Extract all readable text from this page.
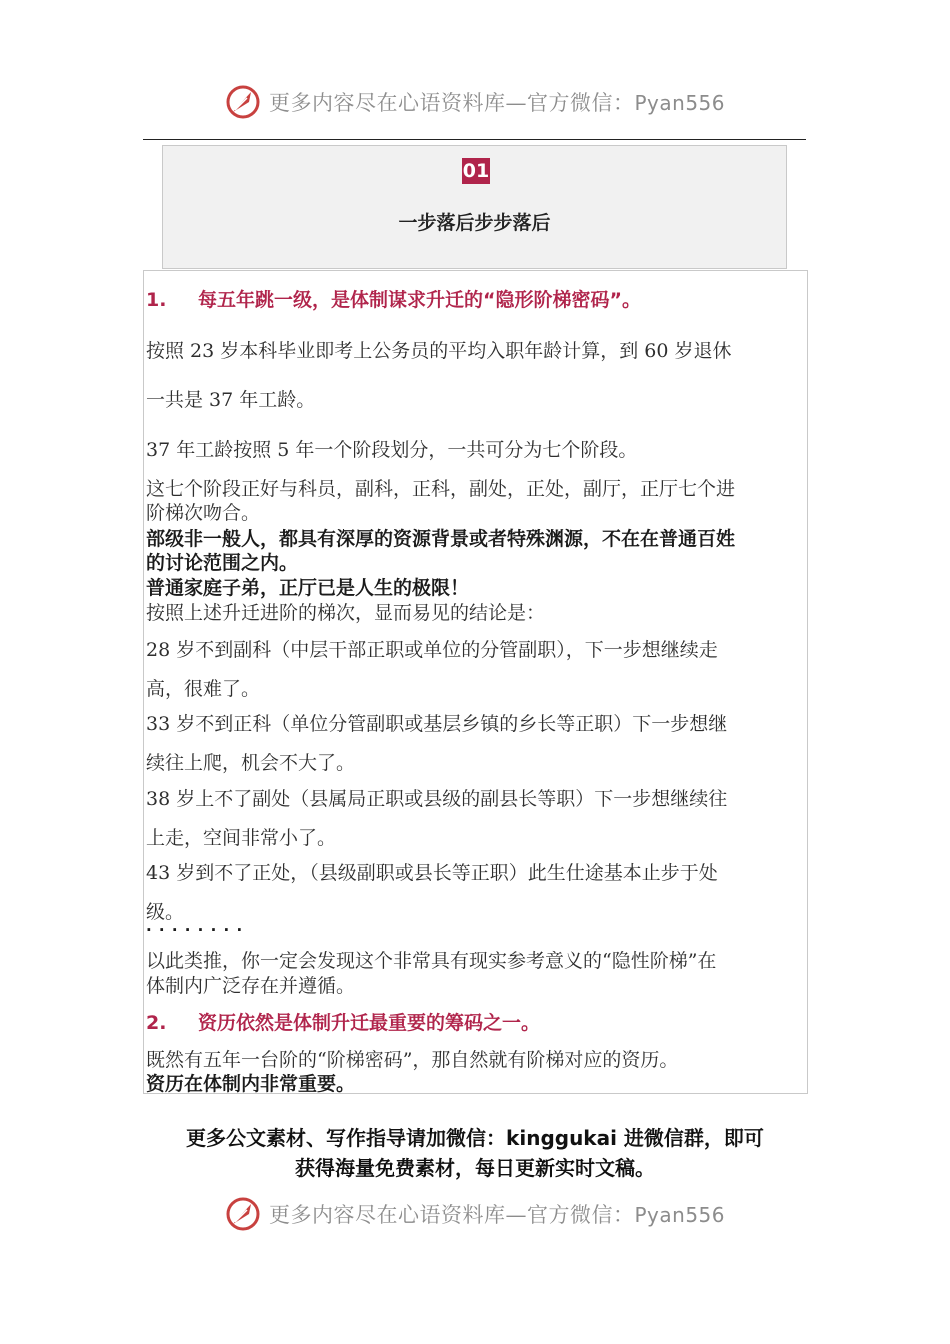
更多内容尽在心语资料库—官方微信：Pyan556
01
一步落后步步落后
1. 每五年跳一级，是体制谋求升迁的“隐形阶梯密码”。
按照 23 岁本科毕业即考上公务员的平均入职年龄计算，到 60 岁退休
一共是 37 年工龄。
37 年工龄按照 5 年一个阶段划分，一共可分为七个阶段。
这七个阶段正好与科员，副科，正科，副处，正处，副厅，正厅七个进
阶梯次吻合。
部级非一般人，都具有深厚的资源背景或者特殊渊源，不在在普通百姓
的讨论范围之内。
普通家庭子弟，正厅已是人生的极限！
按照上述升迁进阶的梯次，显而易见的结论是：
28 岁不到副科（中层干部正职或单位的分管副职），下一步想继续走
高，很难了。
33 岁不到正科（单位分管副职或基层乡镇的乡长等正职）下一步想继
续往上爬，机会不大了。
38 岁上不了副处（县属局正职或县级的副县长等职）下一步想继续往
上走，空间非常小了。
43 岁到不了正处，（县级副职或县长等正职）此生仕途基本止步于处
级。
· · · · · · · ·
以此类推，你一定会发现这个非常具有现实参考意义的“隐性阶梯”在
体制内广泛存在并遵循。
2. 资历依然是体制升迁最重要的筹码之一。
既然有五年一台阶的“阶梯密码”，那自然就有阶梯对应的资历。
资历在体制内非常重要。
更多公文素材、写作指导请加微信：kinggukai 进微信群，即可
获得海量免费素材，每日更新实时文稿。
更多内容尽在心语资料库—官方微信：Pyan556
